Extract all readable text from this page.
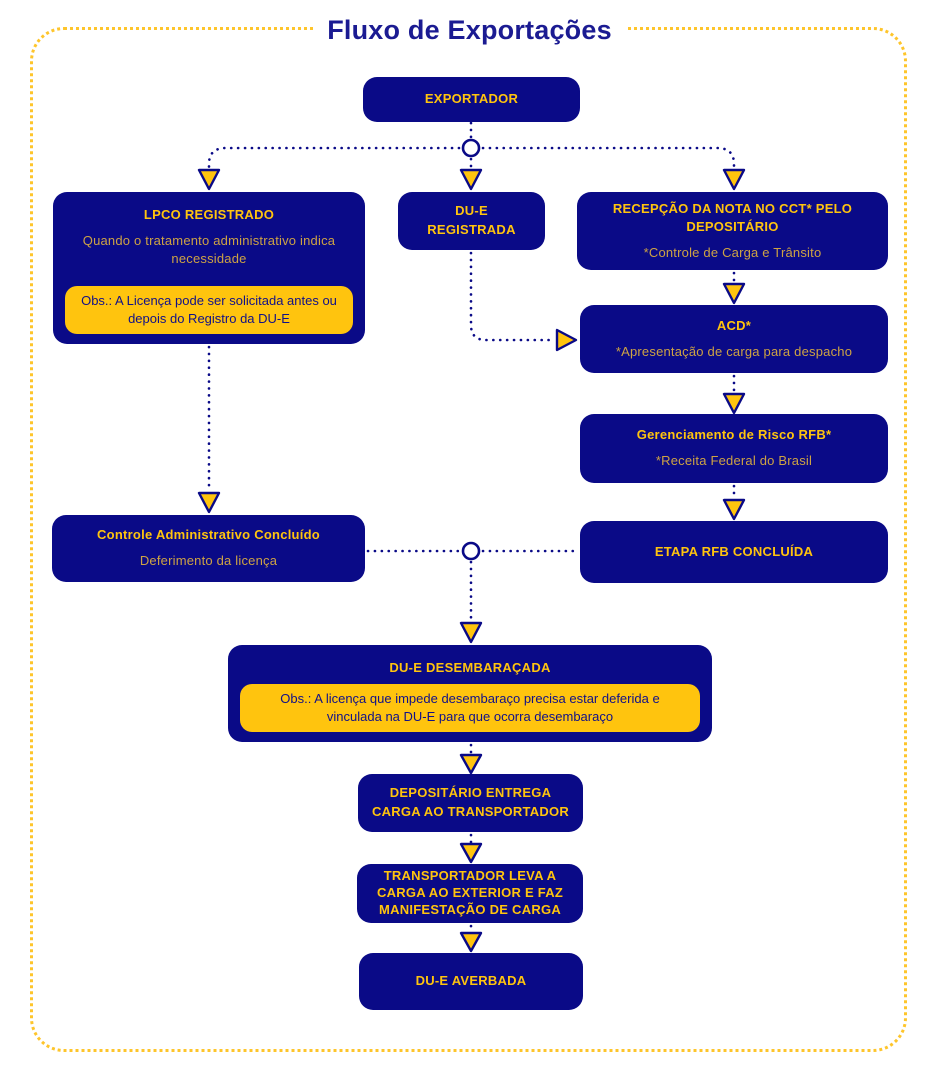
Fluxo de Exportações
EXPORTADOR
LPCO REGISTRADO
Quando o tratamento administrativo indica necessidade
Obs.: A Licença pode ser solicitada antes ou depois do Registro da DU-E
DU-E REGISTRADA
RECEPÇÃO DA NOTA NO CCT* PELO DEPOSITÁRIO
*Controle de Carga e Trânsito
ACD*
*Apresentação de carga para despacho
Gerenciamento de Risco RFB*
*Receita Federal do Brasil
ETAPA RFB CONCLUÍDA
Controle Administrativo Concluído
Deferimento da licença
DU-E DESEMBARAÇADA
Obs.: A licença que impede desembaraço precisa estar deferida e vinculada na DU-E para que ocorra desembaraço
DEPOSITÁRIO ENTREGA CARGA AO TRANSPORTADOR
TRANSPORTADOR LEVA A CARGA AO EXTERIOR E FAZ MANIFESTAÇÃO DE CARGA
DU-E AVERBADA
